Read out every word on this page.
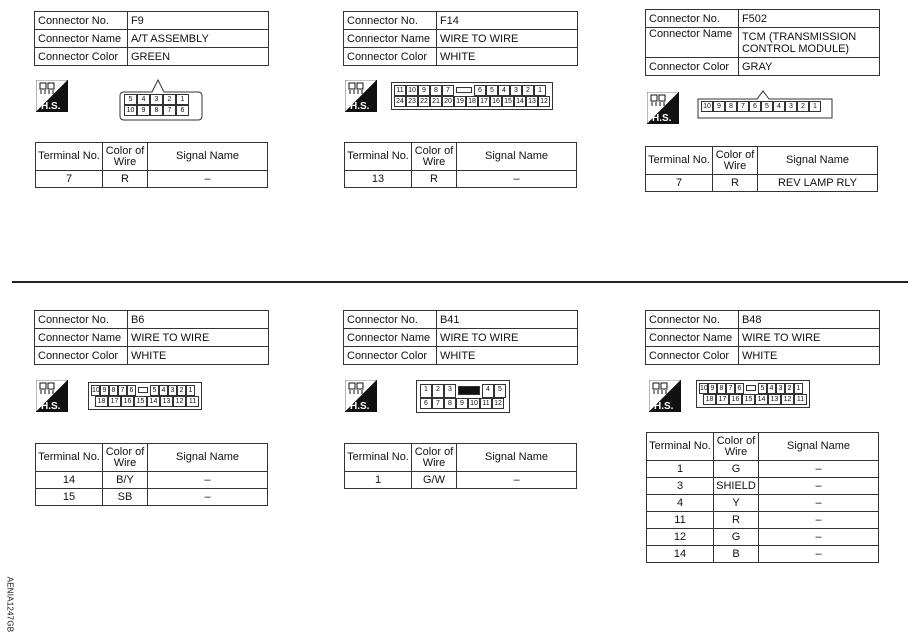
Connector No.	F9
Connector Name	A/T ASSEMBLY
Connector Color	GREEN
H.S.
5	4	3	2	1
10	9	8	7	6
Terminal No.	Color of Wire	Signal Name
7	R	–
Connector No.	F14
Connector Name	WIRE TO WIRE
Connector Color	WHITE
H.S.
11 10 9	8	7	6	5	4	3	2	1
24 23 22 21 20 19 18 17 16 15 14 13 12
Terminal No.	Color of Wire	Signal Name
13	R	–
Connector No.	F502
Connector Name	TCM (TRANSMISSION CONTROL MODULE)
Connector Color	GRAY
H.S.
10 9	8	7	6	5	4	3	2	1
Terminal No.	Color of Wire	Signal Name
7	R	REV LAMP RLY
Connector No.	B6
Connector Name	WIRE TO WIRE
Connector Color	WHITE
H.S.
10 9 8 7 6	5 4 3 2 1
18 17 16 15 14 13 12 11
Terminal No.	Color of Wire	Signal Name
14	B/Y	–
15	SB	–
Connector No.	B41
Connector Name	WIRE TO WIRE
Connector Color	WHITE
H.S.
1	2	3	4	5
6	7	8	9 10 11 12
Terminal No.	Color of Wire	Signal Name
1	G/W	–
Connector No.	B48
Connector Name	WIRE TO WIRE
Connector Color	WHITE
H.S.
10 9 8 7 6	5 4 3 2 1
18 17 16 15 14 13 12 11
Terminal No.	Color of Wire	Signal Name
1	G	–
3	SHIELD	–
4	Y	–
11	R	–
12	G	–
14	B	–
AENIA1247GB
